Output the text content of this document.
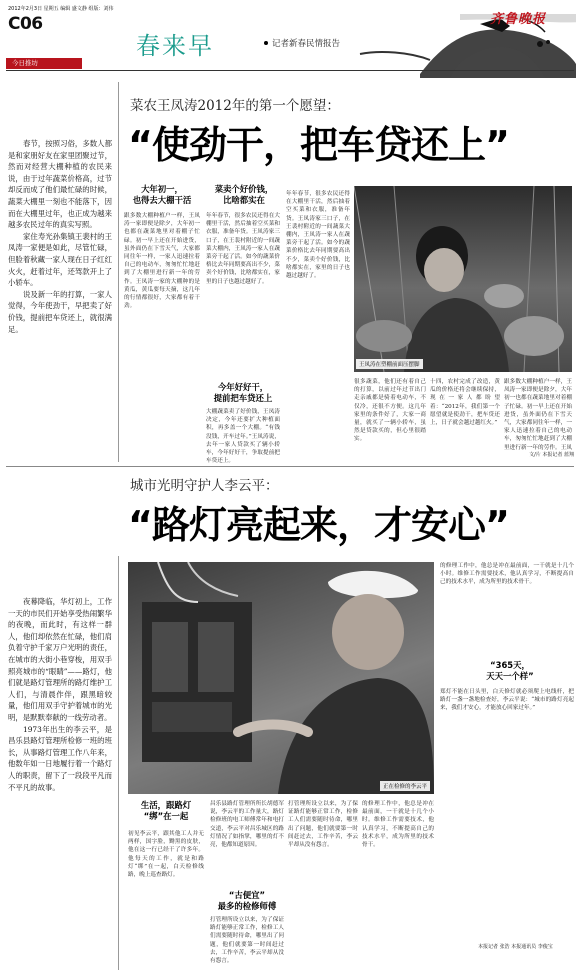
2012年2月3日 星期五 编辑 盛文静 组版：刘伟
C06
今日推坊
春来早	记者新春民情报告
齐鲁晚报

春节，按照习俗，多数人都是和家朋好友在家里团聚过节，然而对经营大棚种植的农民来说，由于过年蔬菜价格高，过节却反而成了他们最忙碌的时候，蔬菜大棚里一刻也不能落下，因而在大棚里过年，也正成为越来越多农民过年的真实写照。

家住寿光孙集镇王裴村的王凤涛一家便是如此，尽管忙碌，但脸着秋藏一家人现在日子红红火火，赶着过年，还驾款开上了小轿车。

说及新一年的打算，一家人觉得，今年使劲干，早把卖了好价钱，提前把车贷还上，就很满足。

菜农王凤涛2012年的第一个愿望：
“使劲干，把车贷还上”
大年初一，
也得去大棚干活
跟多数大棚种植户一样，王凤涛一家即便是除夕，大年初一也都在蔬菜地里对着棚子忙碌。初一早上还在开始进货，虽外面仍在下雪天气，大家都同往年一样，一家人迅速拉着自己的电动车，匆匆忙忙地赶到了大棚里进行新一年的劳作。王凤涛一家的大棚种的是黄瓜，黄瓜要每天摘，这几年的行情都很好，大家都有着干劲。
菜卖个好价钱，
比啥都实在
年年春节，很多农民还得在大棚里干活，然后抽着空买菜和衣服，准备年货。王凤涛家三口子，在王裴村附近的一间蔬菜大棚内，王凤涛一家人在蔬菜旁干起了活。如今的蔬菜价格比去年同期要高出不少，菜卖个好价钱，比啥都实在，家里的日子也越过越好了。
今年好好干，
提前把车贷还上
大棚蔬菜卖了好价钱，王凤涛决定，今年还要扩大种植面积，再多盖一个大棚。“有钱没钱，开车过年。”王凤涛说，去年一家人贷款买了辆小轿车，今年好好干，争取提前把车贷还上。
年年春节，很多农民还得在大棚里干活，然后抽着空买菜和衣服，准备年货。王凤涛家三口子，在王裴村附近的一间蔬菜大棚内，王凤涛一家人在蔬菜旁干起了活。如今的蔬菜价格比去年同期要高出不少，菜卖个好价钱，比啥都实在，家里的日子也越过越好了。
王凤涛在塑棚前面压摆脚
很多蔬菜，他们还有着自己的打算，以前过年过节出门走亲戚都是骑着电动车，不仅冷，还很不方便。这几年家里的条件好了，大家一商量，就买了一辆小轿车，虽然是贷款买的，但心里很踏实。
十四，农村完成了改造，黄瓜的价格还将会继续保持，现在一家人都盼望着：“2012年，我们第一个愿望就是使劲干，把车贷还上，日子就会越过越红火。”
跟多数大棚种植户一样，王凤涛一家即便是除夕，大年初一也都在蔬菜地里对着棚子忙碌。初一早上还在开始进货，虽外面仍在下雪天气，大家都同往年一样，一家人迅速拉着自己的电动车，匆匆忙忙地赶到了大棚里进行新一年的劳作。王凤
文/片 本报记者 蓝翔
城市光明守护人李云平：
“路灯亮起来，才安心”

夜幕降临，华灯初上，工作一天的市民们开始享受热闹繁华的夜晚，而此时，有这样一群人，他们却依然在忙碌，他们肩负着守护千家万户光明的责任，在城市的大街小巷穿梭，用双手照亮城市的“眼睛”——路灯，他们就是路灯管理所的路灯维护工人们，与清晨作伴，跟黑暗较量，他们用双手守护着城市的光明，是默默奉献的一线劳动者。

1973年出生的李云平，是昌乐县路灯管理所检修一班的班长，从事路灯管理工作八年来，他数年如一日地履行着一个路灯人的职责，留下了一段段平凡而不平凡的故事。	正在检修的李云平
的修理工作中，他总是冲在最前面，一干就是十几个小时。维修工作需要技术，他认真学习，不断提高自己的技术水平，成为所里的技术骨干。
“365天，
天天一个样”
郑灯不能在日头里，白天修灯就必须爬上电线杆，把路灯一盏一盏地检查好，李云平说：“城市的路灯亮起来，我们才安心，才能放心回家过年。”
本报记者 张浩 本报通讯员 李俊宝
生活，跟路灯
“绑”在一起
初见李云平，跟其他工人并无两样，国字脸，黝黑的皮肤，他在这一行已经干了许多年。他每天的工作，就是和路灯“绑”在一起，白天检修线路，晚上巡查路灯。
昌乐县路灯管理所所长胡德军说，李云平的工作量大，路灯检修班的电工师傅常年和电打交道，李云平对昌乐城区的路灯情况了如指掌，哪里的灯不亮，他都知道原因。
“古便宜”
最多的检修师傅
打管理所设立以来，为了保证路灯能够正常工作，检修工人们需要随时待命，哪里出了问题，他们就要第一时间赶过去，工作辛苦，李云平却从没有怨言。
打管理所设立以来，为了保证路灯能够正常工作，检修工人们需要随时待命，哪里出了问题，他们就要第一时间赶过去，工作辛苦，李云平却从没有怨言。
的修理工作中，他总是冲在最前面，一干就是十几个小时。维修工作需要技术，他认真学习，不断提高自己的技术水平，成为所里的技术骨干。
